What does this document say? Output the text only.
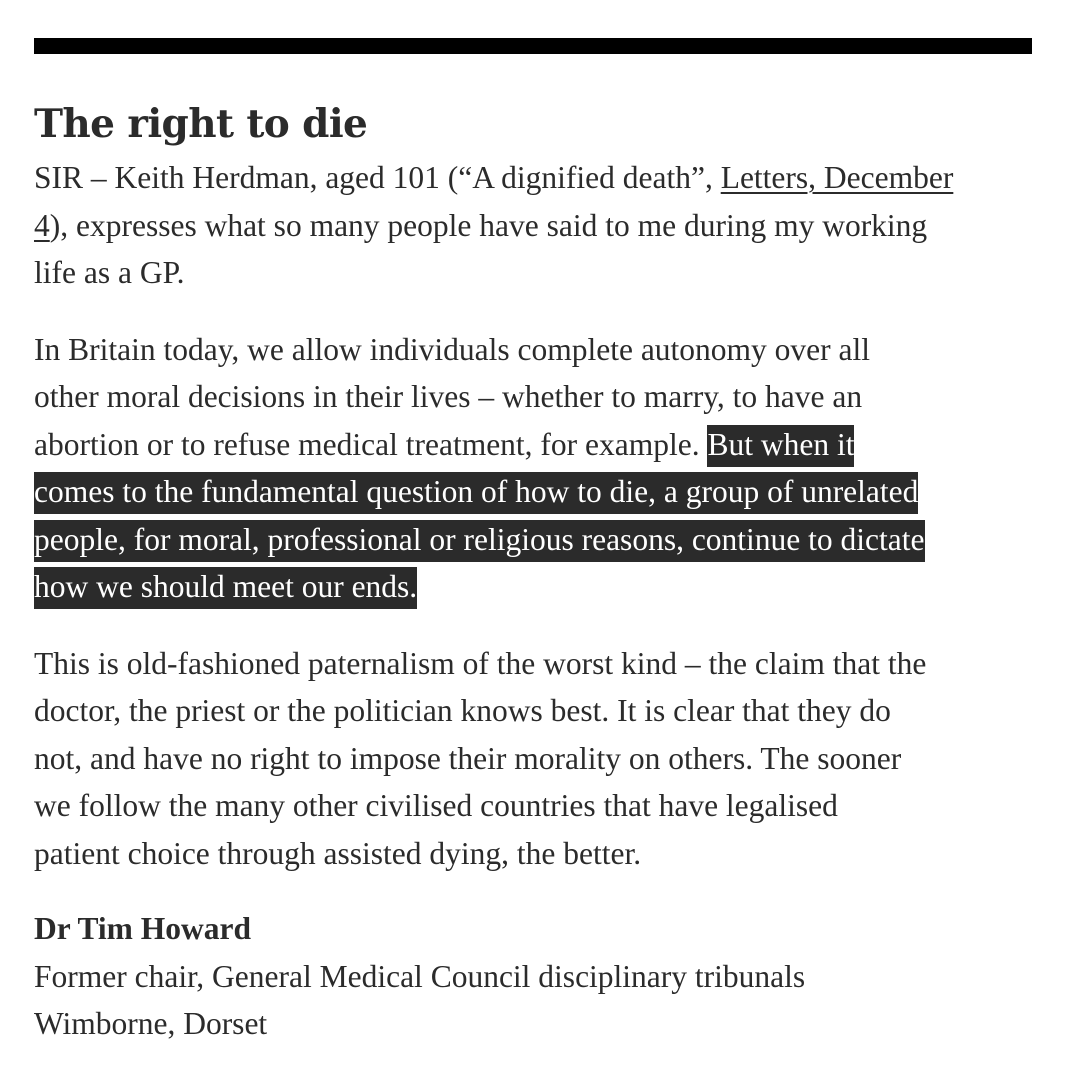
The right to die

SIR – Keith Herdman, aged 101 (“A dignified death”, Letters, December
4), expresses what so many people have said to me during my working
life as a GP.

In Britain today, we allow individuals complete autonomy over all
other moral decisions in their lives – whether to marry, to have an
abortion or to refuse medical treatment, for example. But when it
comes to the fundamental question of how to die, a group of unrelated
people, for moral, professional or religious reasons, continue to dictate
how we should meet our ends.

This is old-fashioned paternalism of the worst kind – the claim that the
doctor, the priest or the politician knows best. It is clear that they do
not, and have no right to impose their morality on others. The sooner
we follow the many other civilised countries that have legalised
patient choice through assisted dying, the better.

Dr Tim Howard
Former chair, General Medical Council disciplinary tribunals
Wimborne, Dorset
